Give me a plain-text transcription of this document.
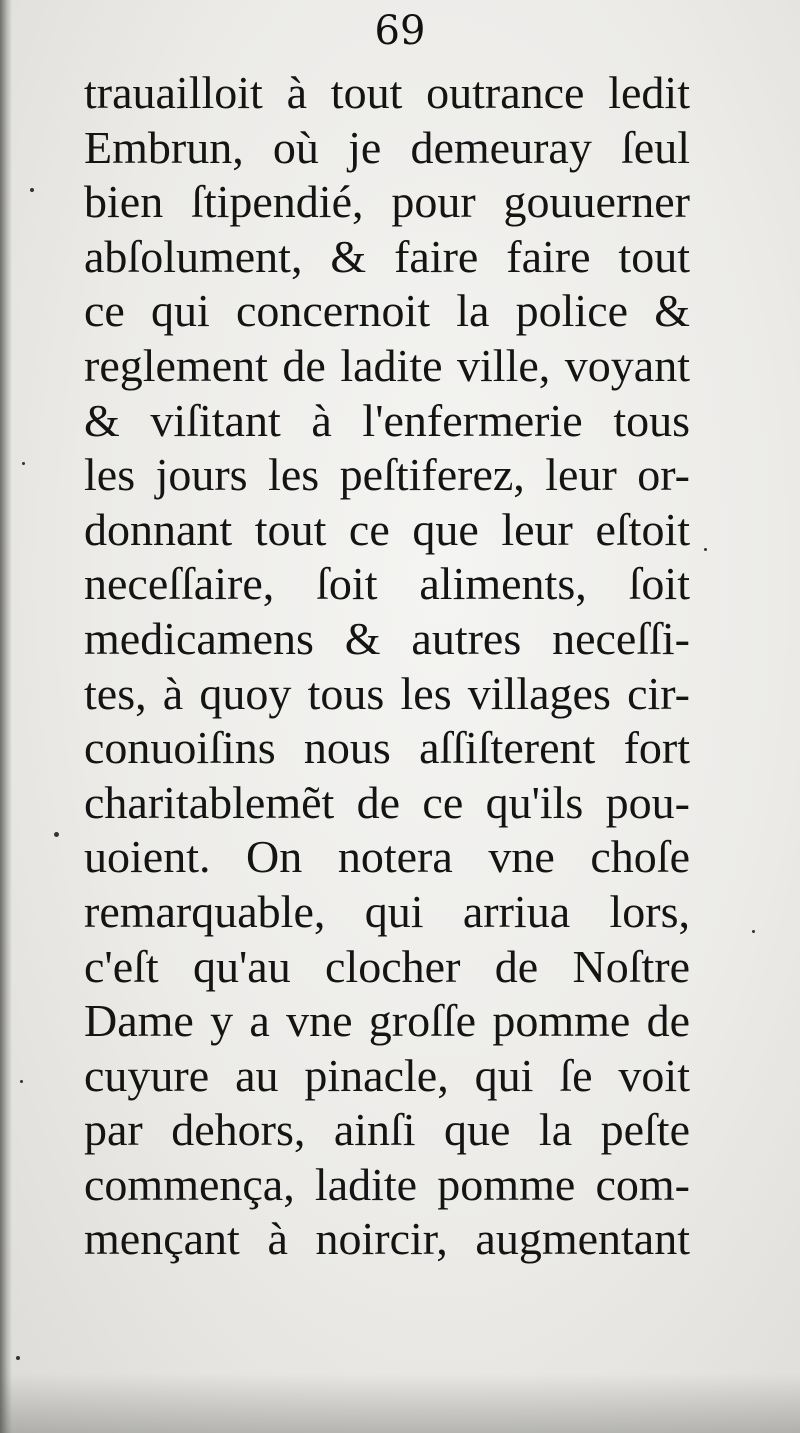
69
trauailloit à tout outrance ledit
Embrun, où je demeuray ſeul
bien ſtipendié, pour gouuerner
abſolument, & faire faire tout
ce qui concernoit la police &
reglement de ladite ville, voyant
& viſitant à l'enfermerie tous
les jours les peſtiferez, leur or-
donnant tout ce que leur eſtoit
neceſſaire, ſoit aliments, ſoit
medicamens & autres neceſſi-
tes, à quoy tous les villages cir-
conuoiſins nous aſſiſterent fort
charitablemẽt de ce qu'ils pou-
uoient. On notera vne choſe
remarquable, qui arriua lors,
c'eſt qu'au clocher de Noſtre
Dame y a vne groſſe pomme de
cuyure au pinacle, qui ſe voit
par dehors, ainſi que la peſte
commença, ladite pomme com-
mençant à noircir, augmentant
